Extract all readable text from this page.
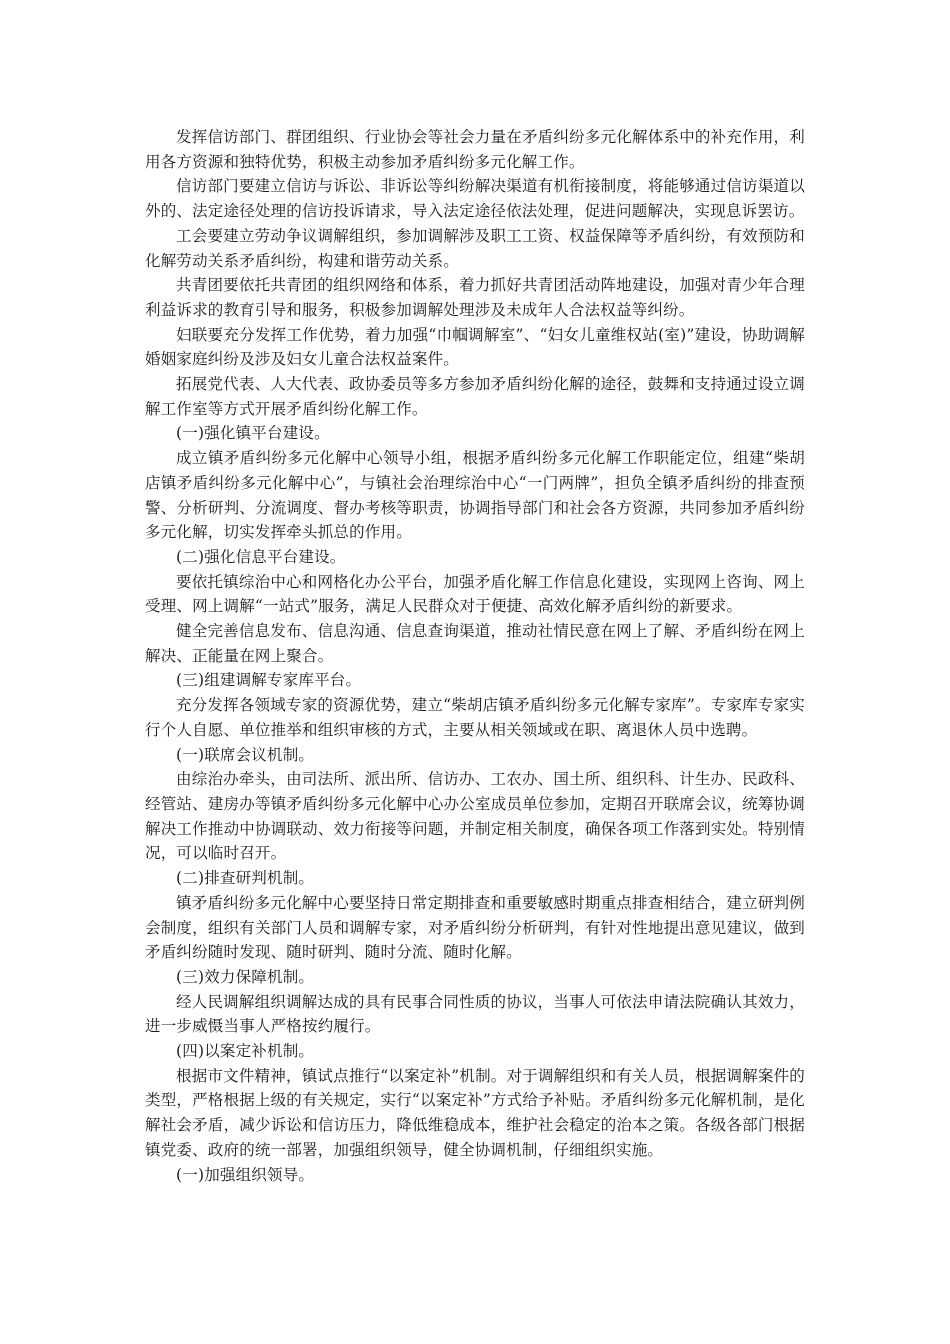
发挥信访部门、群团组织、行业协会等社会力量在矛盾纠纷多元化解体系中的补充作用，利用各方资源和独特优势，积极主动参加矛盾纠纷多元化解工作。

信访部门要建立信访与诉讼、非诉讼等纠纷解决渠道有机衔接制度，将能够通过信访渠道以外的、法定途径处理的信访投诉请求，导入法定途径依法处理，促进问题解决，实现息诉罢访。

工会要建立劳动争议调解组织，参加调解涉及职工工资、权益保障等矛盾纠纷，有效预防和化解劳动关系矛盾纠纷，构建和谐劳动关系。

共青团要依托共青团的组织网络和体系，着力抓好共青团活动阵地建设，加强对青少年合理利益诉求的教育引导和服务，积极参加调解处理涉及未成年人合法权益等纠纷。

妇联要充分发挥工作优势，着力加强“巾帼调解室”、“妇女儿童维权站(室)”建设，协助调解婚姻家庭纠纷及涉及妇女儿童合法权益案件。

拓展党代表、人大代表、政协委员等多方参加矛盾纠纷化解的途径，鼓舞和支持通过设立调解工作室等方式开展矛盾纠纷化解工作。

(一)强化镇平台建设。

成立镇矛盾纠纷多元化解中心领导小组，根据矛盾纠纷多元化解工作职能定位，组建“柴胡店镇矛盾纠纷多元化解中心”，与镇社会治理综治中心“一门两牌”，担负全镇矛盾纠纷的排查预警、分析研判、分流调度、督办考核等职责，协调指导部门和社会各方资源，共同参加矛盾纠纷多元化解，切实发挥牵头抓总的作用。

(二)强化信息平台建设。

要依托镇综治中心和网格化办公平台，加强矛盾化解工作信息化建设，实现网上咨询、网上受理、网上调解“一站式”服务，满足人民群众对于便捷、高效化解矛盾纠纷的新要求。

健全完善信息发布、信息沟通、信息查询渠道，推动社情民意在网上了解、矛盾纠纷在网上解决、正能量在网上聚合。

(三)组建调解专家库平台。

充分发挥各领域专家的资源优势，建立“柴胡店镇矛盾纠纷多元化解专家库”。专家库专家实行个人自愿、单位推举和组织审核的方式，主要从相关领域或在职、离退休人员中选聘。

(一)联席会议机制。

由综治办牵头，由司法所、派出所、信访办、工农办、国土所、组织科、计生办、民政科、经管站、建房办等镇矛盾纠纷多元化解中心办公室成员单位参加，定期召开联席会议，统筹协调解决工作推动中协调联动、效力衔接等问题，并制定相关制度，确保各项工作落到实处。特别情况，可以临时召开。

(二)排查研判机制。

镇矛盾纠纷多元化解中心要坚持日常定期排查和重要敏感时期重点排查相结合，建立研判例会制度，组织有关部门人员和调解专家，对矛盾纠纷分析研判，有针对性地提出意见建议，做到矛盾纠纷随时发现、随时研判、随时分流、随时化解。

(三)效力保障机制。

经人民调解组织调解达成的具有民事合同性质的协议，当事人可依法申请法院确认其效力，进一步威慑当事人严格按约履行。

(四)以案定补机制。

根据市文件精神，镇试点推行“以案定补”机制。对于调解组织和有关人员，根据调解案件的类型，严格根据上级的有关规定，实行“以案定补”方式给予补贴。矛盾纠纷多元化解机制，是化解社会矛盾，减少诉讼和信访压力，降低维稳成本，维护社会稳定的治本之策。各级各部门根据镇党委、政府的统一部署，加强组织领导，健全协调机制，仔细组织实施。

(一)加强组织领导。
